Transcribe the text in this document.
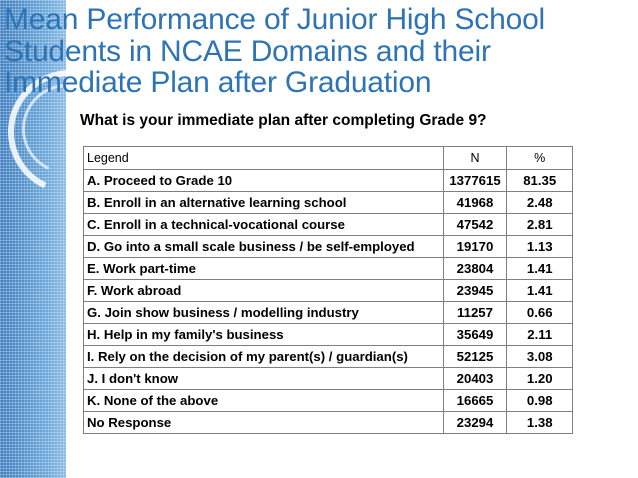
Mean Performance of Junior High School Students in NCAE Domains and their Immediate Plan after Graduation

What is your immediate plan after completing Grade 9?

Legend	N	%
A. Proceed to Grade 10	1377615	81.35
B. Enroll in an alternative learning school	41968	2.48
C. Enroll in a technical-vocational course	47542	2.81
D. Go into a small scale business / be self-employed	19170	1.13
E. Work part-time	23804	1.41
F. Work abroad	23945	1.41
G. Join show business / modelling industry	11257	0.66
H. Help in my family's business	35649	2.11
I. Rely on the decision of my parent(s) / guardian(s)	52125	3.08
J. I don't know	20403	1.20
K. None of the above	16665	0.98
No Response	23294	1.38
